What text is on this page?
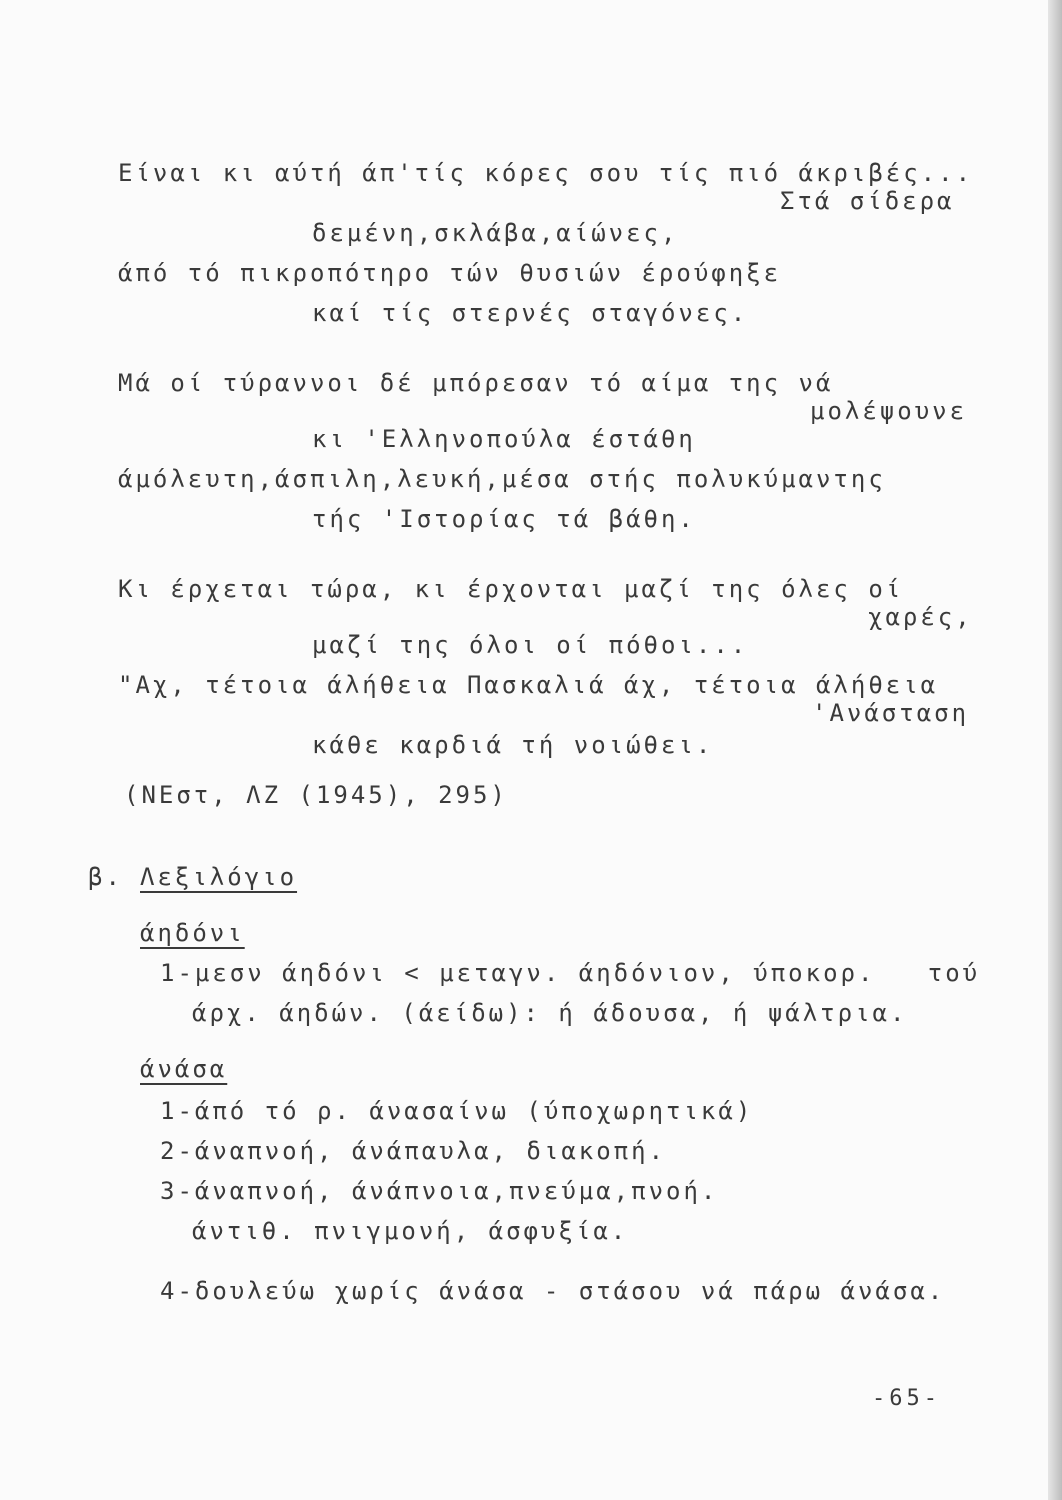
Είναι κι αύτή άπ'τίς κόρες σου τίς πιό άκριβές...
Στά σίδερα
δεμένη,σκλάβα,αίώνες,
άπό τό πικροπότηρο τών θυσιών έρούφηξε
καί τίς στερνές σταγόνες.
Μά οί τύραννοι δέ μπόρεσαν τό αίμα της νά
μολέψουνε
κι 'Ελληνοπούλα έστάθη
άμόλευτη,άσπιλη,λευκή,μέσα στής πολυκύμαντης
τής 'Ιστορίας τά βάθη.
Κι έρχεται τώρα, κι έρχονται μαζί της όλες οί
χαρές,
μαζί της όλοι οί πόθοι...
"Αχ, τέτοια άλήθεια Πασκαλιά άχ, τέτοια άλήθεια
'Ανάσταση
κάθε καρδιά τή νοιώθει.
(ΝΕστ, ΛΖ (1945), 295)
β. Λεξιλόγιο
άηδόνι
1-μεσν άηδόνι < μεταγν. άηδόνιον, ύποκορ.   τού
άρχ. άηδών. (άείδω): ή άδουσα, ή ψάλτρια.
άνάσα
1-άπό τό ρ. άνασαίνω (ύποχωρητικά)
2-άναπνοή, άνάπαυλα, διακοπή.
3-άναπνοή, άνάπνοια,πνεύμα,πνοή.
άντιθ. πνιγμονή, άσφυξία.
4-δουλεύω χωρίς άνάσα - στάσου νά πάρω άνάσα.
-65-
